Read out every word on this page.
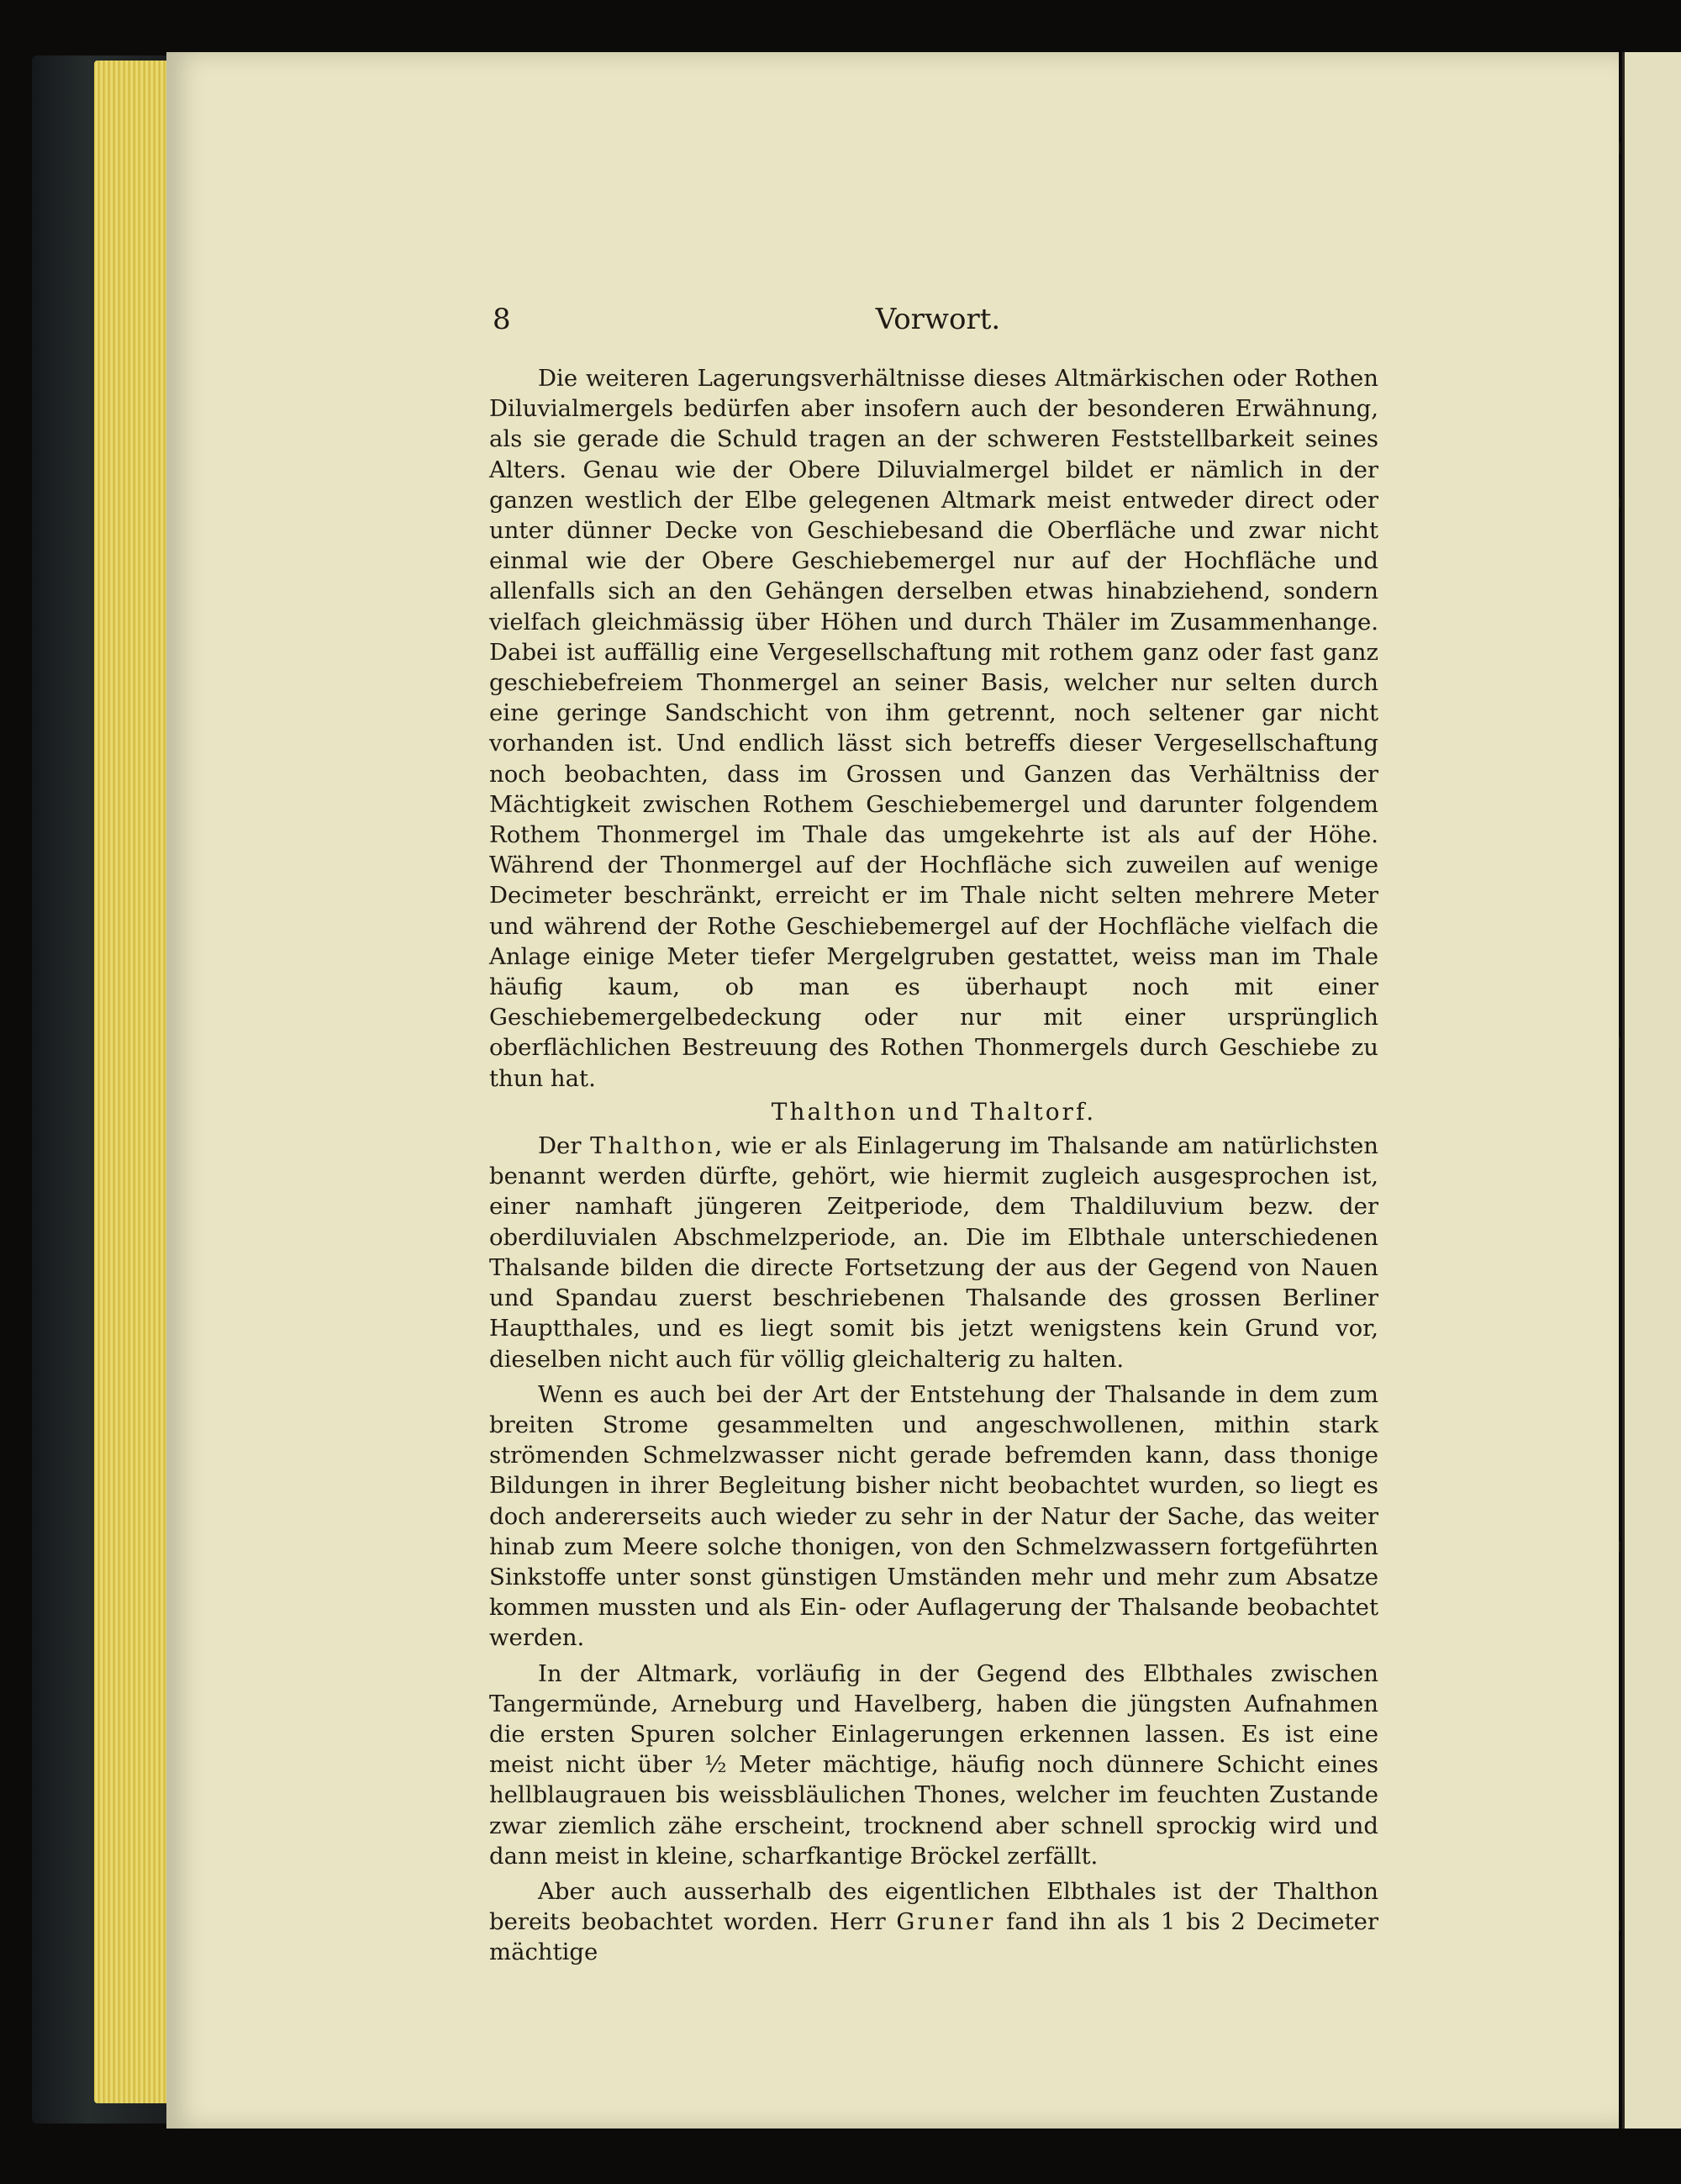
8	Vorwort.

Die weiteren Lagerungsverhältnisse dieses Altmärkischen oder Rothen Diluvialmergels bedürfen aber insofern auch der besonderen Erwähnung, als sie gerade die Schuld tragen an der schweren Feststellbarkeit seines Alters. Genau wie der Obere Diluvialmergel bildet er nämlich in der ganzen westlich der Elbe gelegenen Altmark meist entweder direct oder unter dünner Decke von Geschiebesand die Oberfläche und zwar nicht einmal wie der Obere Geschiebemergel nur auf der Hochfläche und allenfalls sich an den Gehängen derselben etwas hinabziehend, sondern vielfach gleichmässig über Höhen und durch Thäler im Zusammenhange. Dabei ist auffällig eine Vergesellschaftung mit rothem ganz oder fast ganz geschiebefreiem Thonmergel an seiner Basis, welcher nur selten durch eine geringe Sandschicht von ihm getrennt, noch seltener gar nicht vorhanden ist. Und endlich lässt sich betreffs dieser Vergesellschaftung noch beobachten, dass im Grossen und Ganzen das Verhältniss der Mächtigkeit zwischen Rothem Geschiebemergel und darunter folgendem Rothem Thonmergel im Thale das umgekehrte ist als auf der Höhe. Während der Thonmergel auf der Hochfläche sich zuweilen auf wenige Decimeter beschränkt, erreicht er im Thale nicht selten mehrere Meter und während der Rothe Geschiebemergel auf der Hochfläche vielfach die Anlage einige Meter tiefer Mergelgruben gestattet, weiss man im Thale häufig kaum, ob man es überhaupt noch mit einer Geschiebemergelbedeckung oder nur mit einer ursprünglich oberflächlichen Bestreuung des Rothen Thonmergels durch Geschiebe zu thun hat.

Thalthon und Thaltorf.

Der Thalthon, wie er als Einlagerung im Thalsande am natürlichsten benannt werden dürfte, gehört, wie hiermit zugleich ausgesprochen ist, einer namhaft jüngeren Zeitperiode, dem Thaldiluvium bezw. der oberdiluvialen Abschmelzperiode, an. Die im Elbthale unterschiedenen Thalsande bilden die directe Fortsetzung der aus der Gegend von Nauen und Spandau zuerst beschriebenen Thalsande des grossen Berliner Hauptthales, und es liegt somit bis jetzt wenigstens kein Grund vor, dieselben nicht auch für völlig gleichalterig zu halten.

Wenn es auch bei der Art der Entstehung der Thalsande in dem zum breiten Strome gesammelten und angeschwollenen, mithin stark strömenden Schmelzwasser nicht gerade befremden kann, dass thonige Bildungen in ihrer Begleitung bisher nicht beobachtet wurden, so liegt es doch andererseits auch wieder zu sehr in der Natur der Sache, das weiter hinab zum Meere solche thonigen, von den Schmelzwassern fortgeführten Sinkstoffe unter sonst günstigen Umständen mehr und mehr zum Absatze kommen mussten und als Ein- oder Auflagerung der Thalsande beobachtet werden.

In der Altmark, vorläufig in der Gegend des Elbthales zwischen Tangermünde, Arneburg und Havelberg, haben die jüngsten Aufnahmen die ersten Spuren solcher Einlagerungen erkennen lassen. Es ist eine meist nicht über ½ Meter mächtige, häufig noch dünnere Schicht eines hellblaugrauen bis weissbläulichen Thones, welcher im feuchten Zustande zwar ziemlich zähe erscheint, trocknend aber schnell sprockig wird und dann meist in kleine, scharfkantige Bröckel zerfällt.

Aber auch ausserhalb des eigentlichen Elbthales ist der Thalthon bereits beobachtet worden. Herr Gruner fand ihn als 1 bis 2 Decimeter mächtige
